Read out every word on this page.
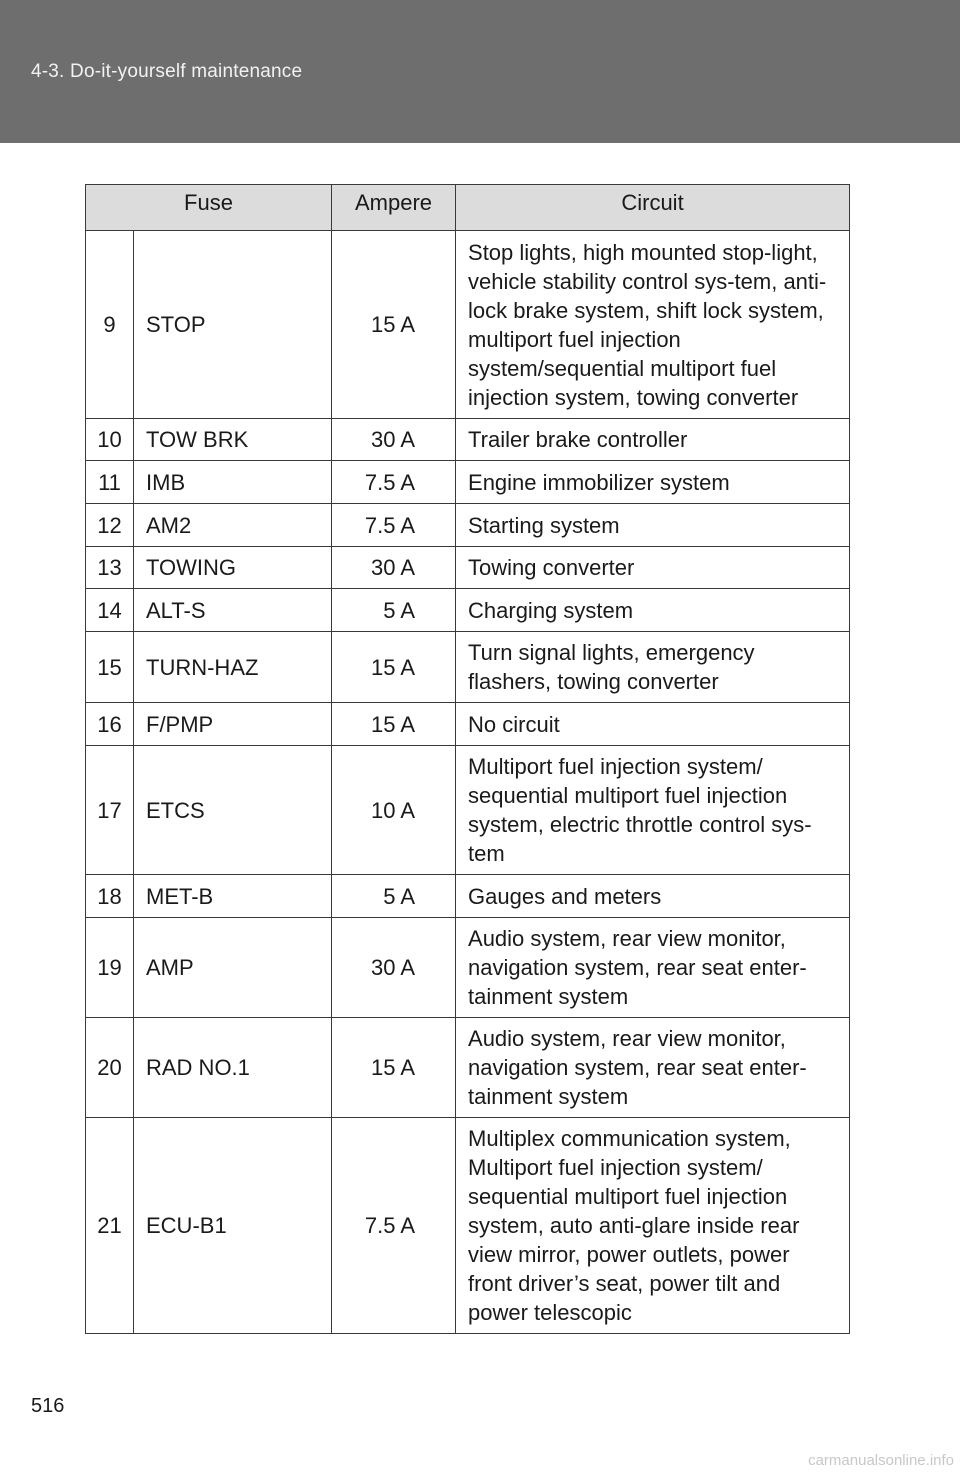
4-3. Do-it-yourself maintenance
Fuse		Ampere	Circuit
9	STOP	15 A	Stop lights, high mounted stop-light, vehicle stability control sys-tem, anti-lock brake system, shift lock system, multiport fuel injection system/sequential multiport fuel injection system, towing converter
10	TOW BRK	30 A	Trailer brake controller
11	IMB	7.5 A	Engine immobilizer system
12	AM2	7.5 A	Starting system
13	TOWING	30 A	Towing converter
14	ALT-S	5 A	Charging system
15	TURN-HAZ	15 A	Turn signal lights, emergency flashers, towing converter
16	F/PMP	15 A	No circuit
17	ETCS	10 A	Multiport fuel injection system/ sequential multiport fuel injection system, electric throttle control sys-tem
18	MET-B	5 A	Gauges and meters
19	AMP	30 A	Audio system, rear view monitor, navigation system, rear seat enter-tainment system
20	RAD NO.1	15 A	Audio system, rear view monitor, navigation system, rear seat enter-tainment system
21	ECU-B1	7.5 A	Multiplex communication system, Multiport fuel injection system/ sequential multiport fuel injection system, auto anti-glare inside rear view mirror, power outlets, power front driver’s seat, power tilt and power telescopic
516
carmanualsonline.info
